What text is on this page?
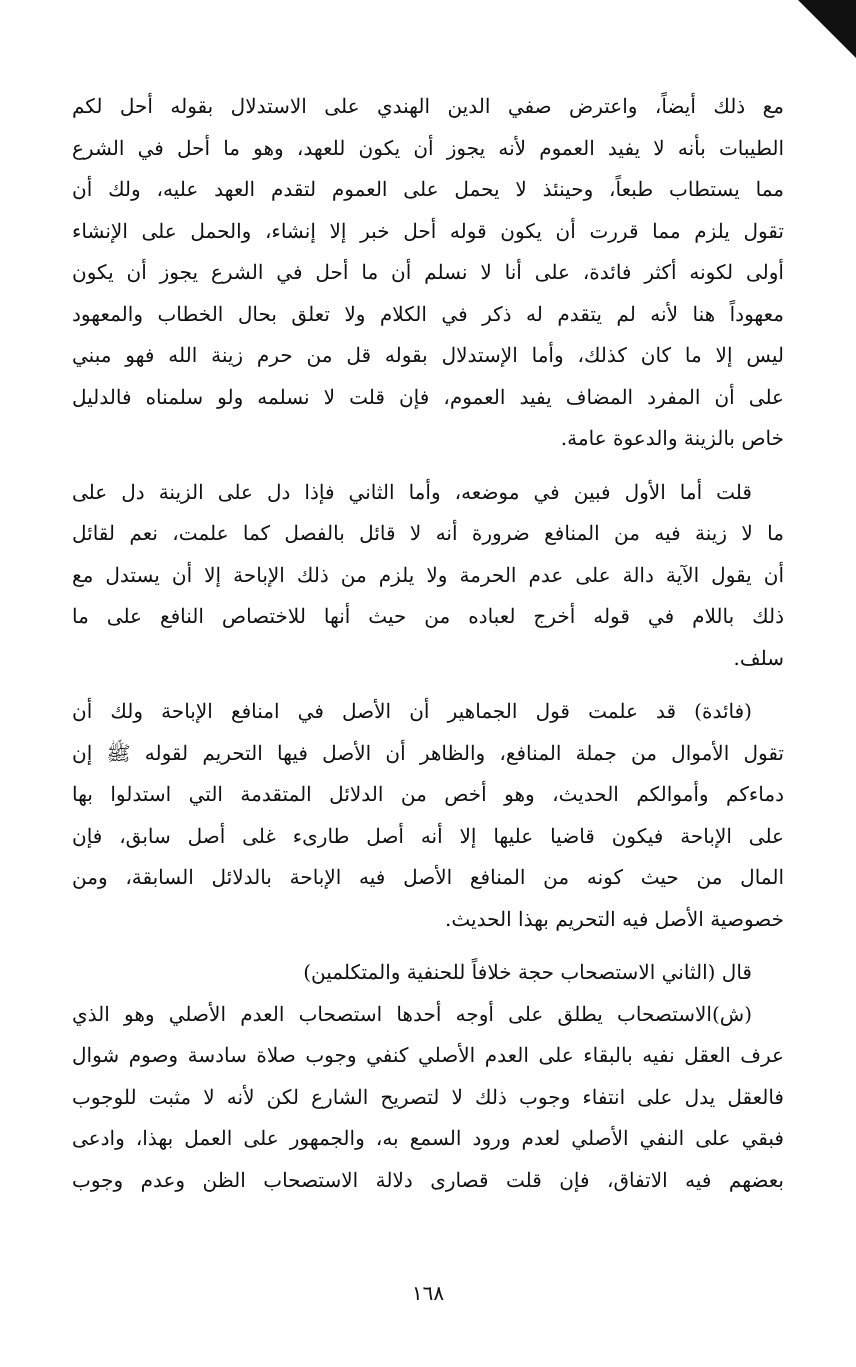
مع ذلك أيضاً، واعترض صفي الدين الهندي على الاستدلال بقوله أحل لكم
الطيبات بأنه لا يفيد العموم لأنه يجوز أن يكون للعهد، وهو ما أحل في الشرع
مما يستطاب طبعاً، وحينئذ لا يحمل على العموم لتقدم العهد عليه، ولك أن
تقول يلزم مما قررت أن يكون قوله أحل خبر إلا إنشاء، والحمل على الإنشاء
أولى لكونه أكثر فائدة، على أنا لا نسلم أن ما أحل في الشرع يجوز أن يكون
معهوداً هنا لأنه لم يتقدم له ذكر في الكلام ولا تعلق بحال الخطاب والمعهود
ليس إلا ما كان كذلك، وأما الإستدلال بقوله قل من حرم زينة الله فهو مبني
على أن المفرد المضاف يفيد العموم، فإن قلت لا نسلمه ولو سلمناه فالدليل
خاص بالزينة والدعوة عامة.
قلت أما الأول فبين في موضعه، وأما الثاني فإذا دل على الزينة دل على
ما لا زينة فيه من المنافع ضرورة أنه لا قائل بالفصل كما علمت، نعم لقائل
أن يقول الآية دالة على عدم الحرمة ولا يلزم من ذلك الإباحة إلا أن يستدل مع
ذلك باللام في قوله أخرج لعباده من حيث أنها للاختصاص النافع على ما
سلف.
(فائدة) قد علمت قول الجماهير أن الأصل في امنافع الإباحة ولك أن
تقول الأموال من جملة المنافع، والظاهر أن الأصل فيها التحريم لقوله ﷺ إن
دماءكم وأموالكم الحديث، وهو أخص من الدلائل المتقدمة التي استدلوا بها
على الإباحة فيكون قاضيا عليها إلا أنه أصل طارىء غلى أصل سابق، فإن
المال من حيث كونه من المنافع الأصل فيه الإباحة بالدلائل السابقة، ومن
خصوصية الأصل فيه التحريم بهذا الحديث.
قال (الثاني الاستصحاب حجة خلافاً للحنفية والمتكلمين)
(ش)الاستصحاب يطلق على أوجه أحدها استصحاب العدم الأصلي وهو الذي
عرف العقل نفيه بالبقاء على العدم الأصلي كنفي وجوب صلاة سادسة وصوم شوال
فالعقل يدل على انتفاء وجوب ذلك لا لتصريح الشارع لكن لأنه لا مثبت للوجوب
فبقي على النفي الأصلي لعدم ورود السمع به، والجمهور على العمل بهذا، وادعى
بعضهم فيه الاتفاق، فإن قلت قصارى دلالة الاستصحاب الظن وعدم وجوب
١٦٨
